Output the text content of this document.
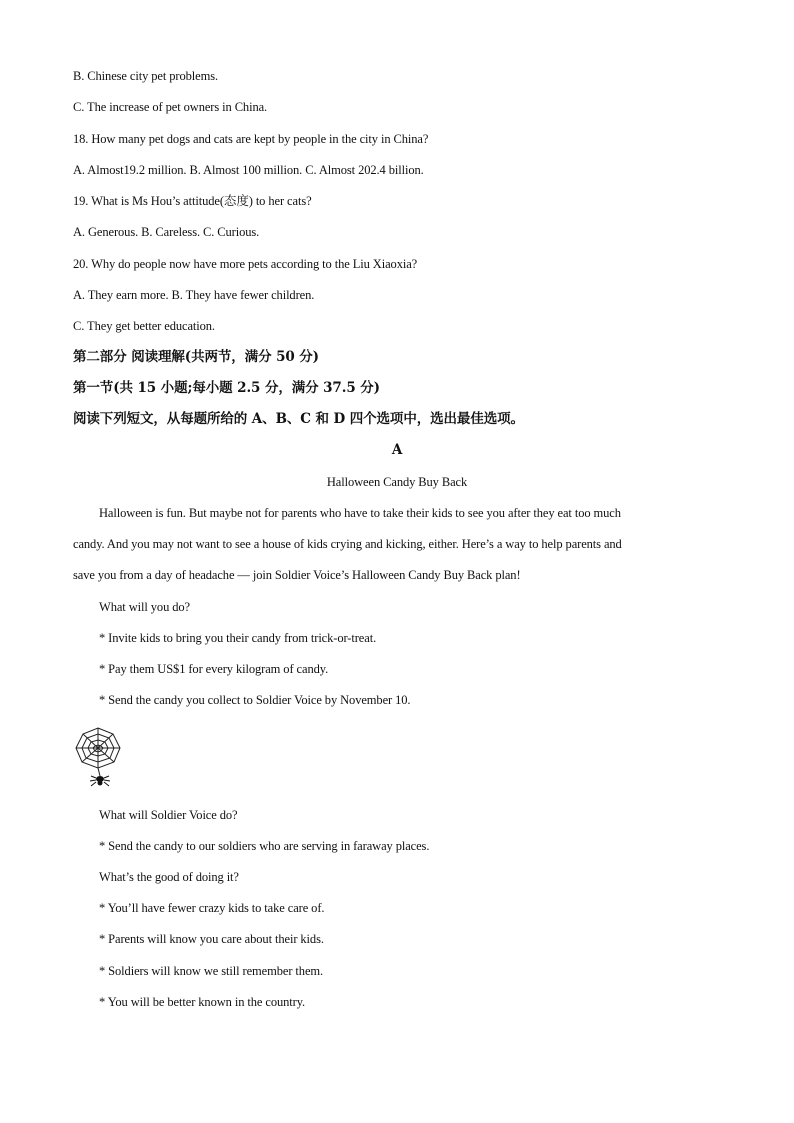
B. Chinese city pet problems.

C. The increase of pet owners in China.

18. How many pet dogs and cats are kept by people in the city in China?

A. Almost19.2 million. B. Almost 100 million. C. Almost 202.4 billion.

19. What is Ms Hou’s attitude(态度) to her cats?

A. Generous. B. Careless. C. Curious.

20. Why do people now have more pets according to the Liu Xiaoxia?

A. They earn more. B. They have fewer children.

C. They get better education.

第二部分 阅读理解(共两节，满分 50 分)

第一节(共 15 小题;每小题 2.5 分，满分 37.5 分)

阅读下列短文，从每题所给的 A、B、C 和 D 四个选项中，选出最佳选项。

A

Halloween Candy Buy Back

Halloween is fun. But maybe not for parents who have to take their kids to see you after they eat too much

candy. And you may not want to see a house of kids crying and kicking, either. Here’s a way to help parents and

save you from a day of headache — join Soldier Voice’s Halloween Candy Buy Back plan!

What will you do?

* Invite kids to bring you their candy from trick-or-treat.

* Pay them US$1 for every kilogram of candy.

* Send the candy you collect to Soldier Voice by November 10.

What will Soldier Voice do?

* Send the candy to our soldiers who are serving in faraway places.

What’s the good of doing it?

* You’ll have fewer crazy kids to take care of.

* Parents will know you care about their kids.

* Soldiers will know we still remember them.

* You will be better known in the country.
